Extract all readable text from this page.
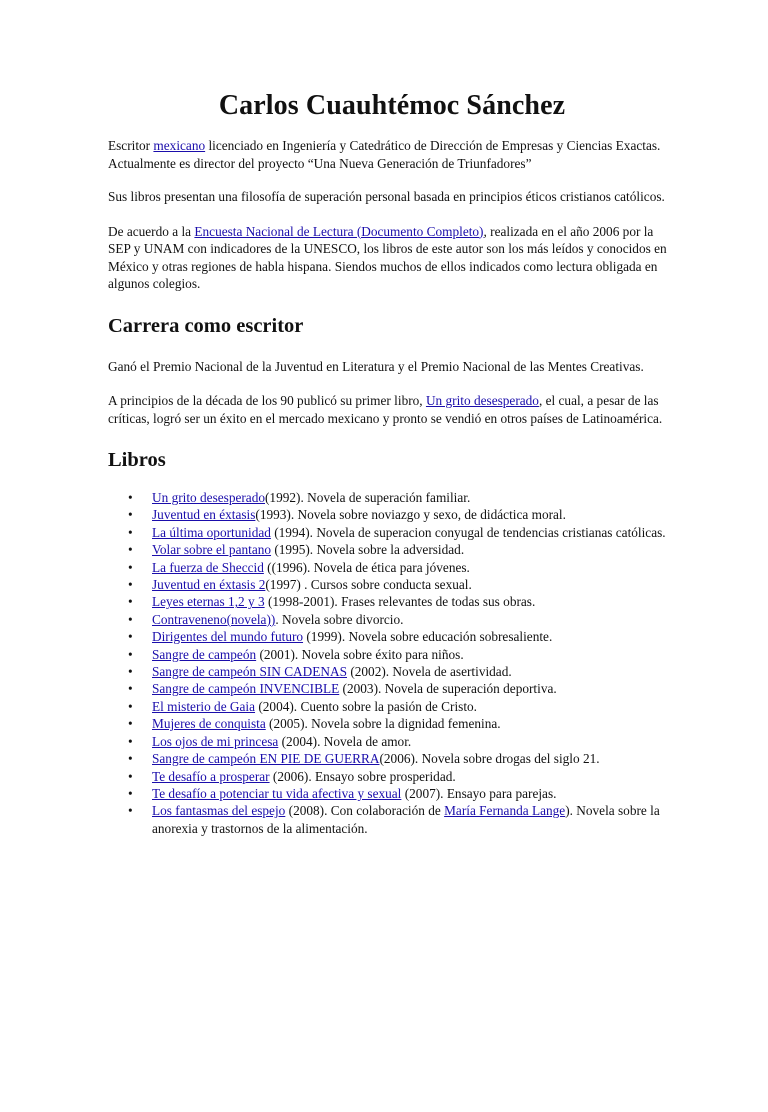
Carlos Cuauhtémoc Sánchez

Escritor mexicano licenciado en Ingeniería y Catedrático de Dirección de Empresas y Ciencias Exactas. Actualmente es director del proyecto “Una Nueva Generación de Triunfadores”

Sus libros presentan una filosofía de superación personal basada en principios éticos cristianos católicos.

De acuerdo a la Encuesta Nacional de Lectura (Documento Completo), realizada en el año 2006 por la SEP y UNAM con indicadores de la UNESCO, los libros de este autor son los más leídos y conocidos en México y otras regiones de habla hispana. Siendos muchos de ellos indicados como lectura obligada en algunos colegios.

Carrera como escritor

Ganó el Premio Nacional de la Juventud en Literatura y el Premio Nacional de las Mentes Creativas.

A principios de la década de los 90 publicó su primer libro, Un grito desesperado, el cual, a pesar de las críticas, logró ser un éxito en el mercado mexicano y pronto se vendió en otros países de Latinoamérica.

Libros
• Un grito desesperado(1992). Novela de superación familiar.
• Juventud en éxtasis(1993). Novela sobre noviazgo y sexo, de didáctica moral.
• La última oportunidad (1994). Novela de superacion conyugal de tendencias cristianas católicas.
• Volar sobre el pantano (1995). Novela sobre la adversidad.
• La fuerza de Sheccid ((1996). Novela de ética para jóvenes.
• Juventud en éxtasis 2(1997) . Cursos sobre conducta sexual.
• Leyes eternas 1,2 y 3 (1998-2001). Frases relevantes de todas sus obras.
• Contraveneno(novela)). Novela sobre divorcio.
• Dirigentes del mundo futuro (1999). Novela sobre educación sobresaliente.
• Sangre de campeón (2001). Novela sobre éxito para niños.
• Sangre de campeón SIN CADENAS (2002). Novela de asertividad.
• Sangre de campeón INVENCIBLE (2003). Novela de superación deportiva.
• El misterio de Gaia (2004). Cuento sobre la pasión de Cristo.
• Mujeres de conquista (2005). Novela sobre la dignidad femenina.
• Los ojos de mi princesa (2004). Novela de amor.
• Sangre de campeón EN PIE DE GUERRA(2006). Novela sobre drogas del siglo 21.
• Te desafío a prosperar (2006). Ensayo sobre prosperidad.
• Te desafío a potenciar tu vida afectiva y sexual (2007). Ensayo para parejas.
• Los fantasmas del espejo (2008). Con colaboración de María Fernanda Lange). Novela sobre la anorexia y trastornos de la alimentación.
